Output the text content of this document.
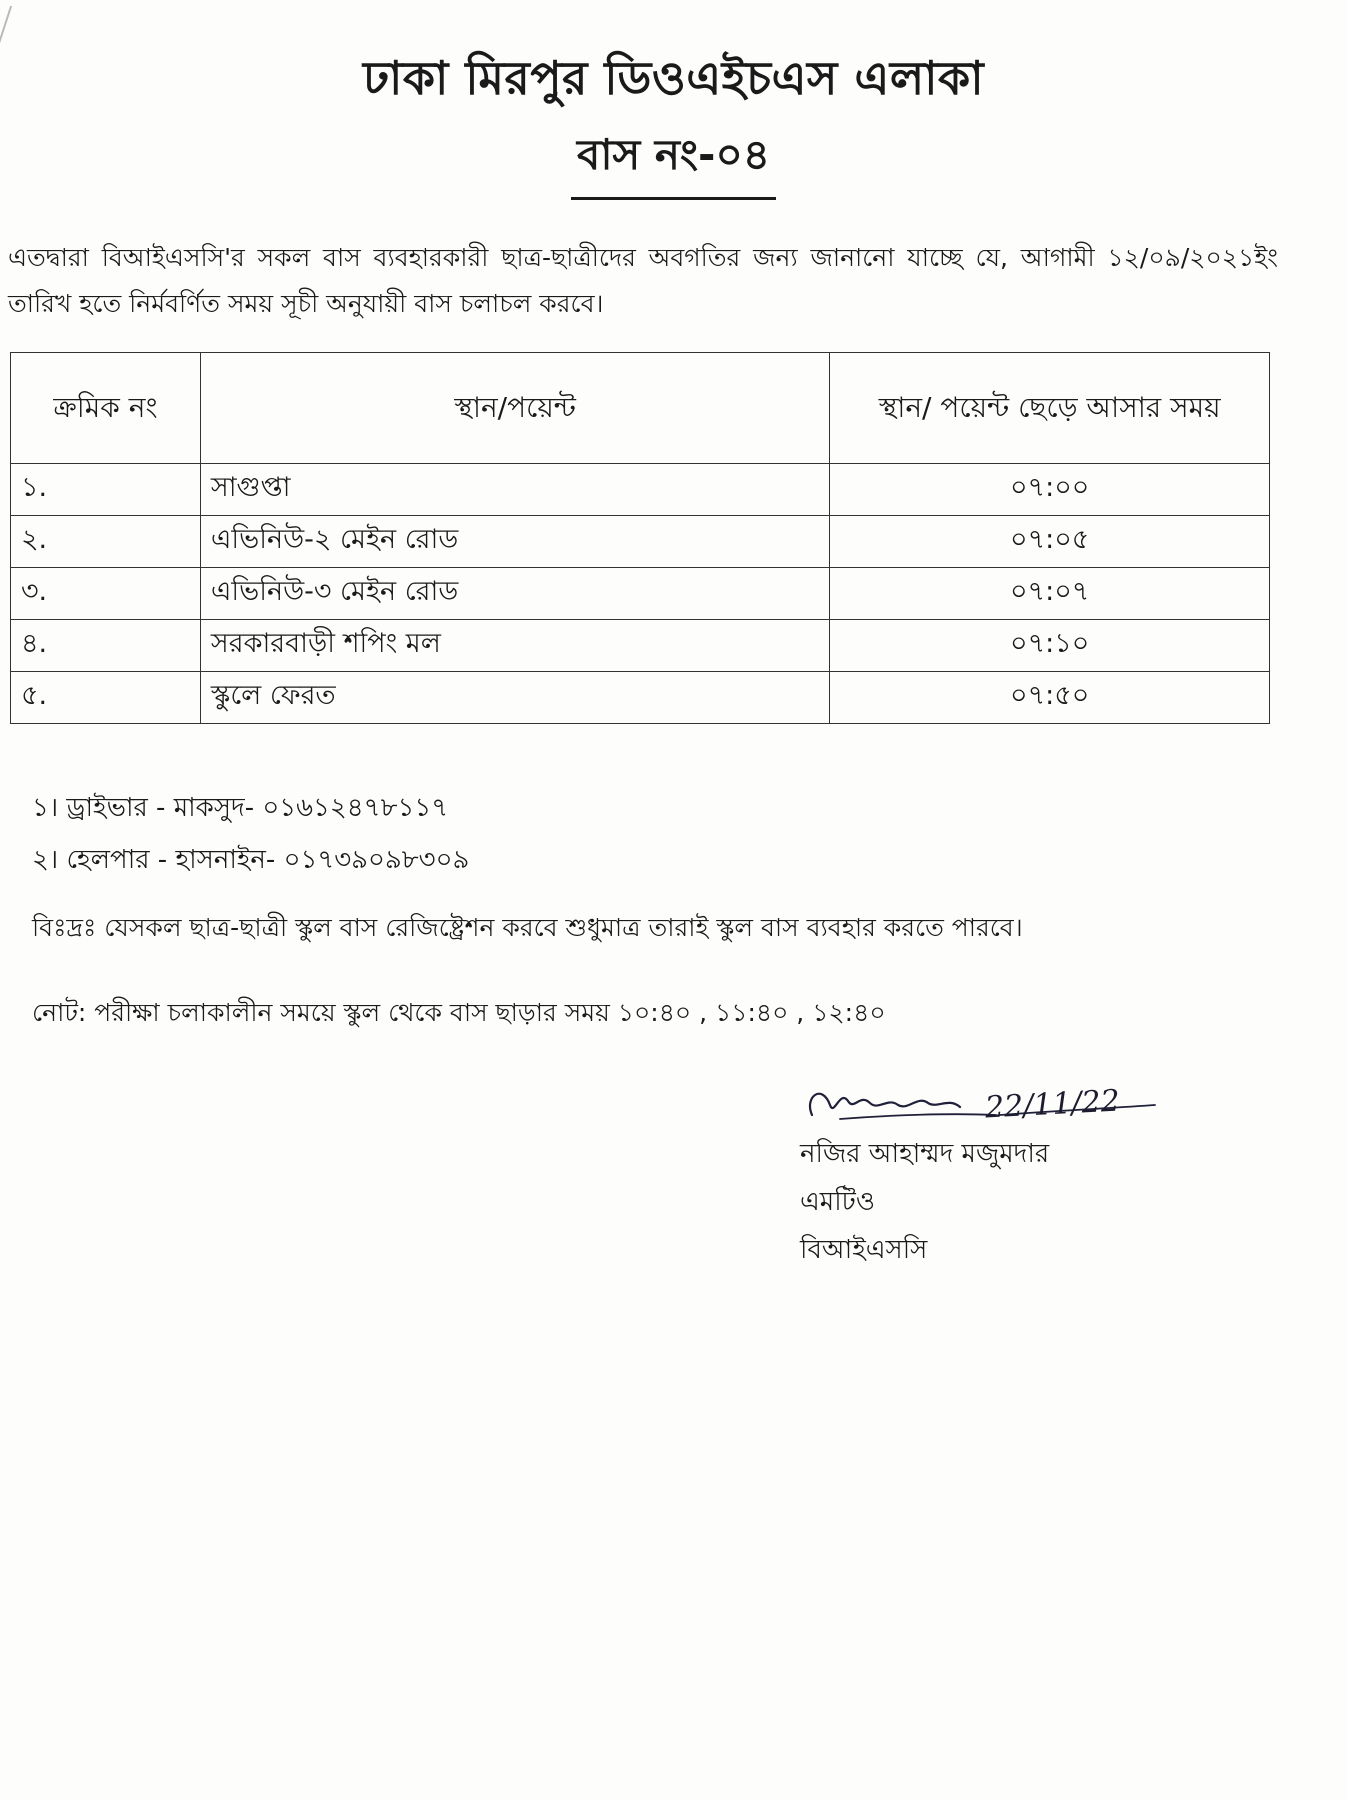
ঢাকা মিরপুর ডিওএইচএস এলাকা
বাস নং-০৪

এতদ্বারা বিআইএসসি'র সকল বাস ব্যবহারকারী ছাত্র-ছাত্রীদের অবগতির জন্য জানানো যাচ্ছে যে, আগামী ১২/০৯/২০২১ইং তারিখ হতে নির্মবর্ণিত সময় সূচী অনুযায়ী বাস চলাচল করবে।

ক্রমিক নং	স্থান/পয়েন্ট	স্থান/ পয়েন্ট ছেড়ে আসার সময়
১.	সাগুপ্তা	০৭:০০
২.	এভিনিউ-২ মেইন রোড	০৭:০৫
৩.	এভিনিউ-৩ মেইন রোড	০৭:০৭
৪.	সরকারবাড়ী শপিং মল	০৭:১০
৫.	স্কুলে ফেরত	০৭:৫০
১। ড্রাইভার - মাকসুদ- ০১৬১২৪৭৮১১৭
২। হেলপার - হাসনাইন- ০১৭৩৯০৯৮৩০৯
বিঃদ্রঃ যেসকল ছাত্র-ছাত্রী স্কুল বাস রেজিষ্ট্রেশন করবে শুধুমাত্র তারাই স্কুল বাস ব্যবহার করতে পারবে।
নোট: পরীক্ষা চলাকালীন সময়ে স্কুল থেকে বাস ছাড়ার সময় ১০:৪০ , ১১:৪০ , ১২:৪০
22/11/22
নজির আহাম্মদ মজুমদার
এমটিও
বিআইএসসি
